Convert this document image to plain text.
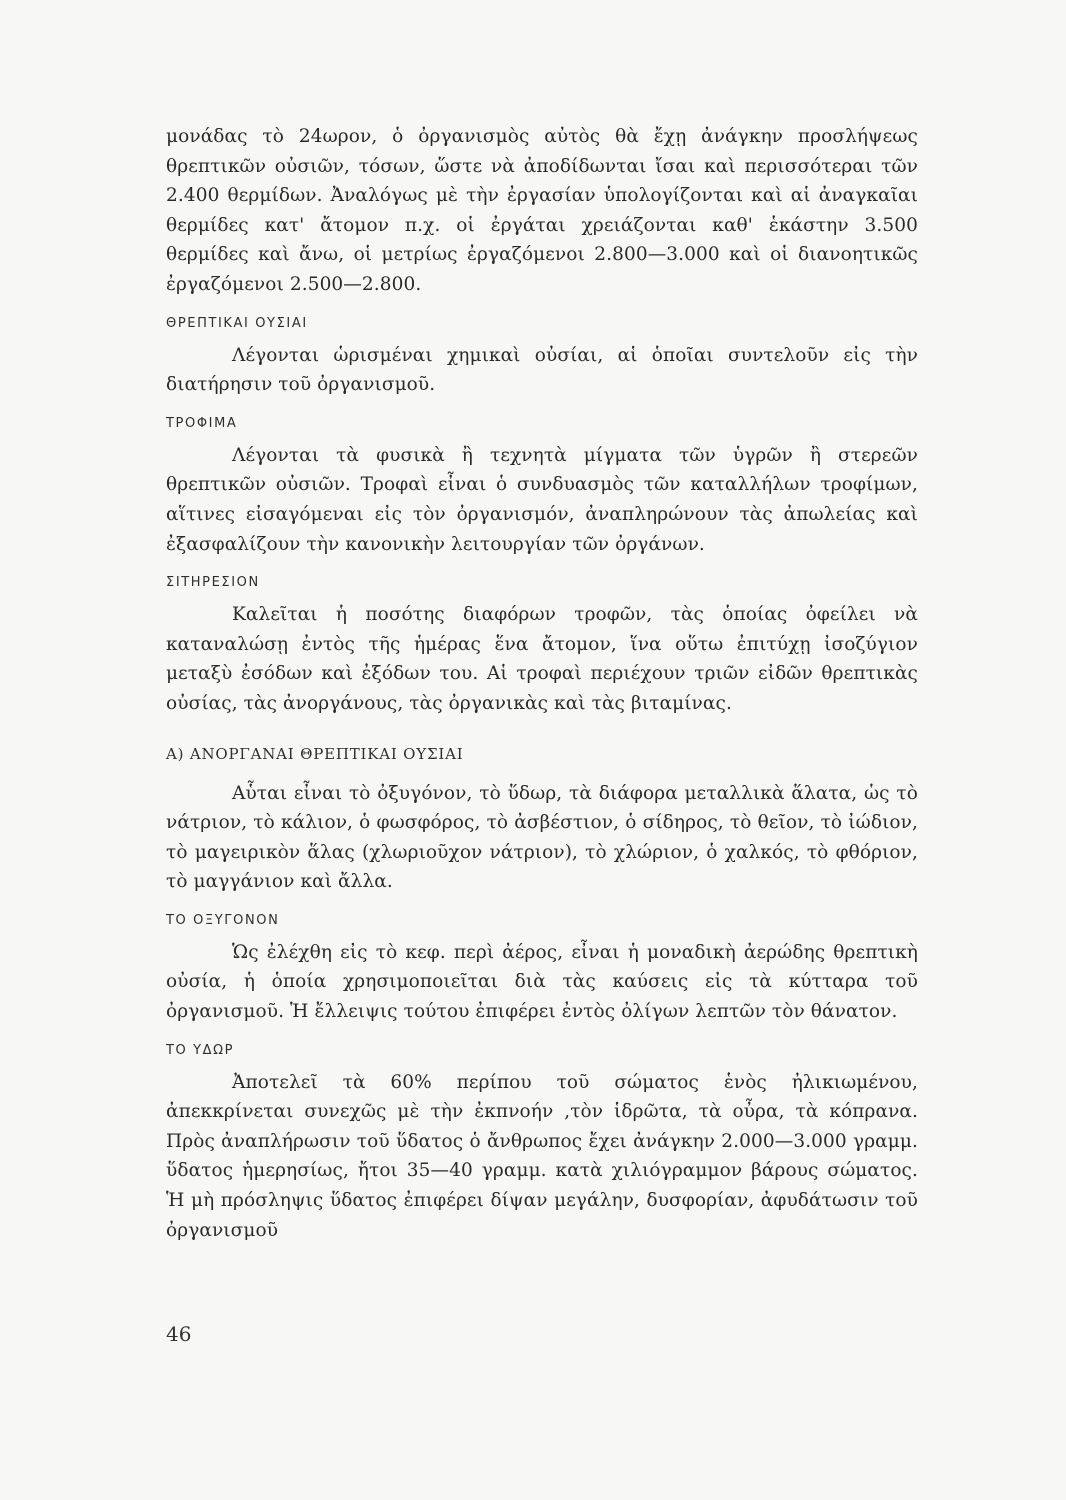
μονάδας τὸ 24ωρον, ὁ ὀργανισμὸς αὐτὸς θὰ ἔχῃ ἀνάγκην προσλήψεως θρεπτικῶν οὐσιῶν, τόσων, ὥστε νὰ ἀποδίδωνται ἴσαι καὶ περισσότεραι τῶν 2.400 θερμίδων. Ἀναλόγως μὲ τὴν ἐργασίαν ὑπολογίζονται καὶ αἱ ἀναγκαῖαι θερμίδες κατ' ἄτομον π.χ. οἱ ἐργάται χρειάζονται καθ' ἑκάστην 3.500 θερμίδες καὶ ἄνω, οἱ μετρίως ἐργαζόμενοι 2.800—3.000 καὶ οἱ διανοητικῶς ἐργαζόμενοι 2.500—2.800.

ΘΡΕΠΤΙΚΑΙ ΟΥΣΙΑΙ

Λέγονται ὡρισμέναι χημικαὶ οὐσίαι, αἱ ὁποῖαι συντελοῦν εἰς τὴν διατήρησιν τοῦ ὀργανισμοῦ.

ΤΡΟΦΙΜΑ

Λέγονται τὰ φυσικὰ ἢ τεχνητὰ μίγματα τῶν ὑγρῶν ἢ στερεῶν θρεπτικῶν οὐσιῶν. Τροφαὶ εἶναι ὁ συνδυασμὸς τῶν καταλλήλων τροφίμων, αἵτινες εἰσαγόμεναι εἰς τὸν ὀργανισμόν, ἀναπληρώνουν τὰς ἀπωλείας καὶ ἐξασφαλίζουν τὴν κανονικὴν λειτουργίαν τῶν ὀργάνων.

ΣΙΤΗΡΕΣΙΟΝ

Καλεῖται ἡ ποσότης διαφόρων τροφῶν, τὰς ὁποίας ὀφείλει νὰ καταναλώσῃ ἐντὸς τῆς ἡμέρας ἕνα ἄτομον, ἵνα οὕτω ἐπιτύχῃ ἰσοζύγιον μεταξὺ ἐσόδων καὶ ἐξόδων του. Αἱ τροφαὶ περιέχουν τριῶν εἰδῶν θρεπτικὰς οὐσίας, τὰς ἀνοργάνους, τὰς ὀργανικὰς καὶ τὰς βιταμίνας.

Α) ΑΝΟΡΓΑΝΑΙ ΘΡΕΠΤΙΚΑΙ ΟΥΣΙΑΙ

Αὗται εἶναι τὸ ὀξυγόνον, τὸ ὕδωρ, τὰ διάφορα μεταλλικὰ ἅλατα, ὡς τὸ νάτριον, τὸ κάλιον, ὁ φωσφόρος, τὸ ἀσβέστιον, ὁ σίδηρος, τὸ θεῖον, τὸ ἰώδιον, τὸ μαγειρικὸν ἅλας (χλωριοῦχον νάτριον), τὸ χλώριον, ὁ χαλκός, τὸ φθόριον, τὸ μαγγάνιον καὶ ἄλλα.

ΤΟ ΟΞΥΓΟΝΟΝ

Ὡς ἐλέχθη εἰς τὸ κεφ. περὶ ἀέρος, εἶναι ἡ μοναδικὴ ἀερώδης θρεπτικὴ οὐσία, ἡ ὁποία χρησιμοποιεῖται διὰ τὰς καύσεις εἰς τὰ κύτταρα τοῦ ὀργανισμοῦ. Ἡ ἔλλειψις τούτου ἐπιφέρει ἐντὸς ὀλίγων λεπτῶν τὸν θάνατον.

ΤΟ ΥΔΩΡ

Ἀποτελεῖ τὰ 60% περίπου τοῦ σώματος ἑνὸς ἠλικιωμένου, ἀπεκκρίνεται συνεχῶς μὲ τὴν ἐκπνοήν ,τὸν ἱδρῶτα, τὰ οὖρα, τὰ κόπρανα. Πρὸς ἀναπλήρωσιν τοῦ ὕδατος ὁ ἄνθρωπος ἔχει ἀνάγκην 2.000—3.000 γραμμ. ὕδατος ἡμερησίως, ἤτοι 35—40 γραμμ. κατὰ χιλιόγραμμον βάρους σώματος. Ἡ μὴ πρόσληψις ὕδατος ἐπιφέρει δίψαν μεγάλην, δυσφορίαν, ἀφυδάτωσιν τοῦ ὀργανισμοῦ

46
